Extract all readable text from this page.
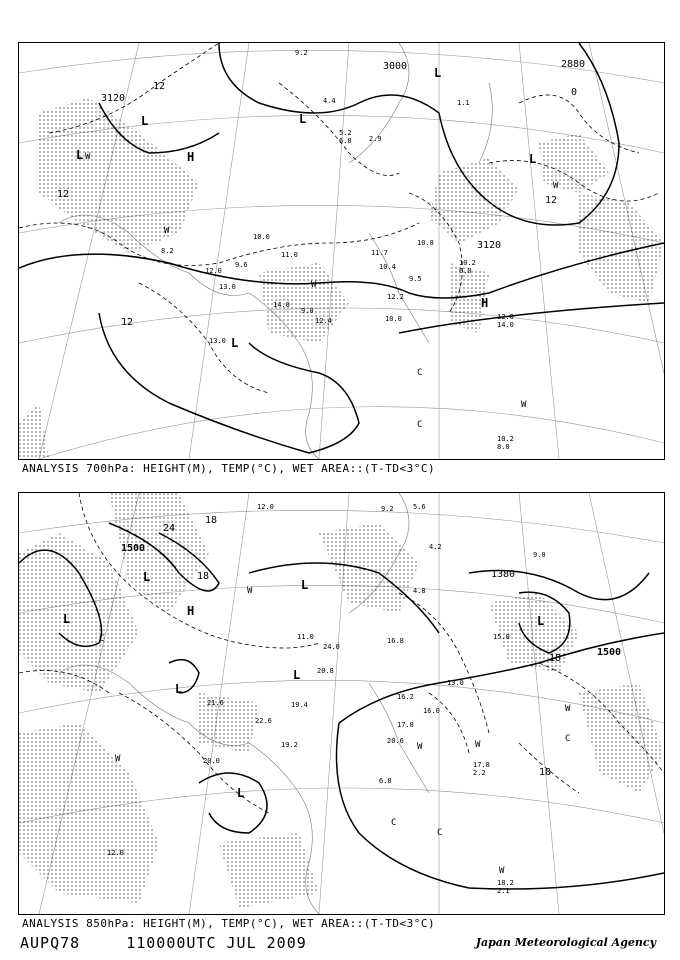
3120
3000	2880
3120
12
12
12
12
0
L
L	L
L
L
L
H
H
W
W
W
W
C
C
W
10.0
12.0
11.0
9.0
14.0
13.0
12.4
10.2
6.0
10.8
11.7
8.2
9.6	10.4
12.2
10.0
13.0
12.0
14.0
10.2
8.0
5.2
6.0
9.2
2.9
4.4	1.1
9.5
ANALYSIS 700hPa: HEIGHT(M), TEMP(°C), WET AREA::(T-TD<3°C)
1500
1380
1500
24
18
18
18
18
L
L
L
L
L
L
H
L
W
W	W
W
W
C
C
C
C
W
12.0	9.2	5.6
4.2
16.2
16.0
17.8
21.6	19.4
20.8
22.6
19.2	20.6
17.8
2.2
18.2
2.1
15.0
16.8
13.0
20.0
11.0
9.0
4.8
6.0
12.0
24.0
ANALYSIS 850hPa: HEIGHT(M), TEMP(°C), WET AREA::(T-TD<3°C)
AUPQ78	110000UTC JUL 2009	Japan Meteorological Agency
